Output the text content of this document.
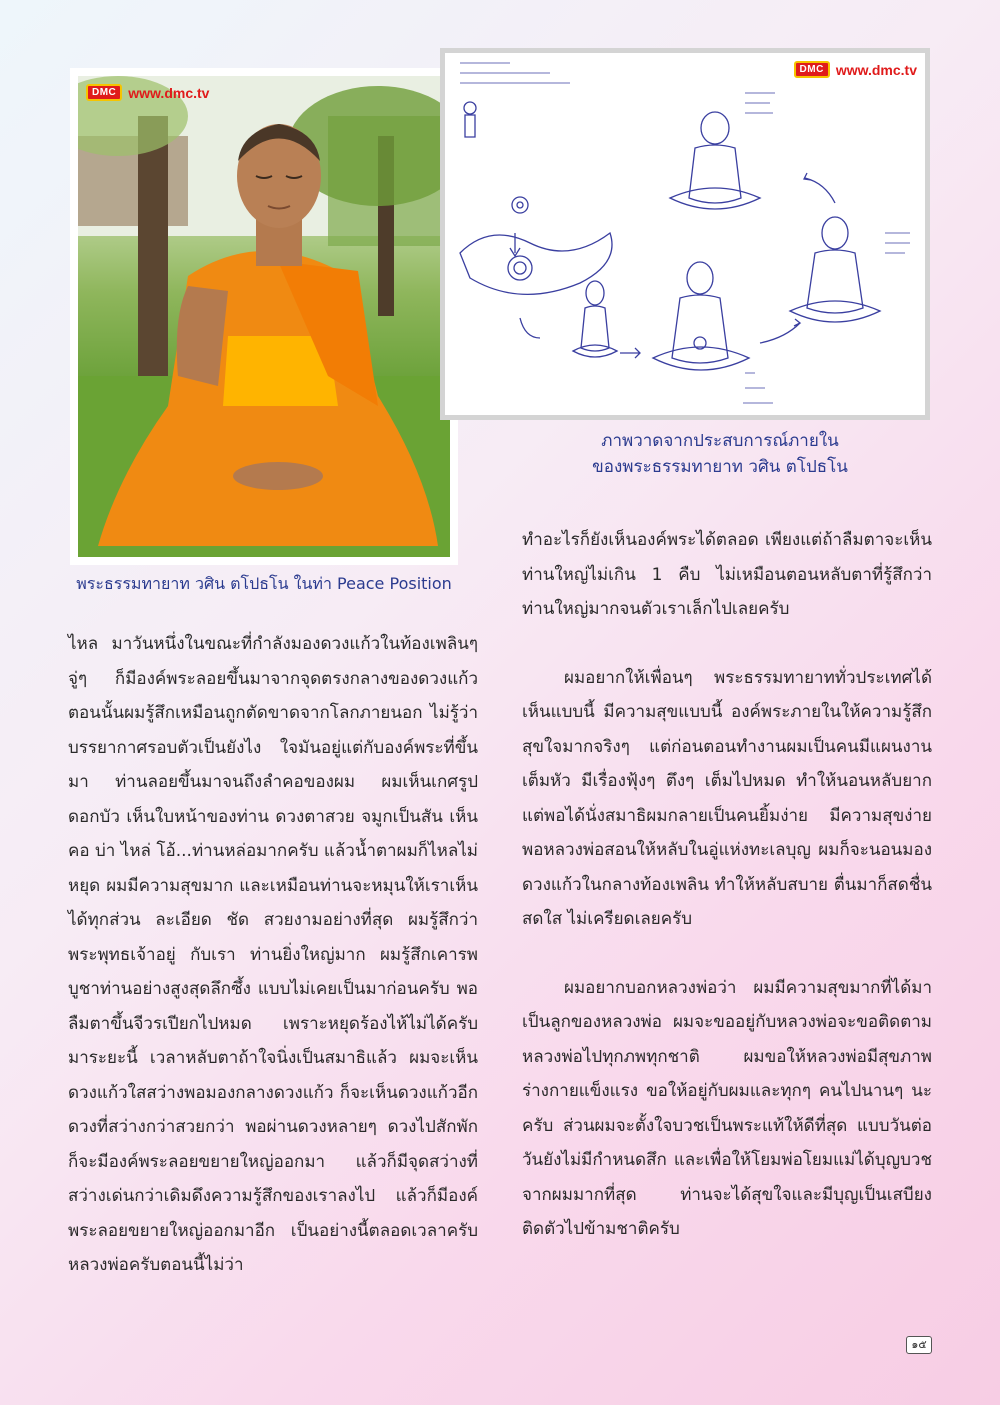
DMC www.dmc.tv
พระธรรมทายาท วศิน ตโปธโน ในท่า Peace Position
DMC www.dmc.tv
ภาพวาดจากประสบการณ์ภายใน
ของพระธรรมทายาท วศิน ตโปธโน

ไหล มาวันหนึ่งในขณะที่กำลังมองดวงแก้วในท้องเพลินๆ จู่ๆ ก็มีองค์พระลอยขึ้นมาจากจุดตรงกลางของดวงแก้ว ตอนนั้นผมรู้สึกเหมือนถูกตัดขาดจากโลกภายนอก ไม่รู้ว่าบรรยากาศรอบตัวเป็นยังไง ใจมันอยู่แต่กับองค์พระที่ขึ้นมา ท่านลอยขึ้นมาจนถึงลำคอของผม ผมเห็นเกศรูปดอกบัว เห็นใบหน้าของท่าน ดวงตาสวย จมูกเป็นสัน เห็นคอ บ่า ไหล่ โอ้...ท่านหล่อมากครับ แล้วน้ำตาผมก็ไหลไม่หยุด ผมมีความสุขมาก และเหมือนท่านจะหมุนให้เราเห็นได้ทุกส่วน ละเอียด ชัด สวยงามอย่างที่สุด ผมรู้สึกว่าพระพุทธเจ้าอยู่ กับเรา ท่านยิ่งใหญ่มาก ผมรู้สึกเคารพบูชาท่านอย่างสูงสุดลึกซึ้ง แบบไม่เคยเป็นมาก่อนครับ พอลืมตาขึ้นจีวรเปียกไปหมด เพราะหยุดร้องไห้ไม่ได้ครับ มาระยะนี้ เวลาหลับตาถ้าใจนิ่งเป็นสมาธิแล้ว ผมจะเห็นดวงแก้วใสสว่างพอมองกลางดวงแก้ว ก็จะเห็นดวงแก้วอีกดวงที่สว่างกว่าสวยกว่า พอผ่านดวงหลายๆ ดวงไปสักพัก ก็จะมีองค์พระลอยขยายใหญ่ออกมา แล้วก็มีจุดสว่างที่สว่างเด่นกว่าเดิมดึงความรู้สึกของเราลงไป แล้วก็มีองค์พระลอยขยายใหญ่ออกมาอีก เป็นอย่างนี้ตลอดเวลาครับ หลวงพ่อครับตอนนี้ไม่ว่า

ทำอะไรก็ยังเห็นองค์พระได้ตลอด เพียงแต่ถ้าลืมตาจะเห็นท่านใหญ่ไม่เกิน 1 คืบ ไม่เหมือนตอนหลับตาที่รู้สึกว่าท่านใหญ่มากจนตัวเราเล็กไปเลยครับ

ผมอยากให้เพื่อนๆ พระธรรมทายาททั่วประเทศได้เห็นแบบนี้ มีความสุขแบบนี้ องค์พระภายในให้ความรู้สึกสุขใจมากจริงๆ แต่ก่อนตอนทำงานผมเป็นคนมีแผนงานเต็มหัว มีเรื่องฟุ้งๆ ตึงๆ เต็มไปหมด ทำให้นอนหลับยาก แต่พอได้นั่งสมาธิผมกลายเป็นคนยิ้มง่าย มีความสุขง่าย พอหลวงพ่อสอนให้หลับในอู่แห่งทะเลบุญ ผมก็จะนอนมองดวงแก้วในกลางท้องเพลิน ทำให้หลับสบาย ตื่นมาก็สดชื่นสดใส ไม่เครียดเลยครับ

ผมอยากบอกหลวงพ่อว่า ผมมีความสุขมากที่ได้มาเป็นลูกของหลวงพ่อ ผมจะขออยู่กับหลวงพ่อจะขอติดตามหลวงพ่อไปทุกภพทุกชาติ ผมขอให้หลวงพ่อมีสุขภาพร่างกายแข็งแรง ขอให้อยู่กับผมและทุกๆ คนไปนานๆ นะครับ ส่วนผมจะตั้งใจบวชเป็นพระแท้ให้ดีที่สุด แบบวันต่อวันยังไม่มีกำหนดสึก และเพื่อให้โยมพ่อโยมแม่ได้บุญบวชจากผมมากที่สุด ท่านจะได้สุขใจและมีบุญเป็นเสบียงติดตัวไปข้ามชาติครับ

๑๕
